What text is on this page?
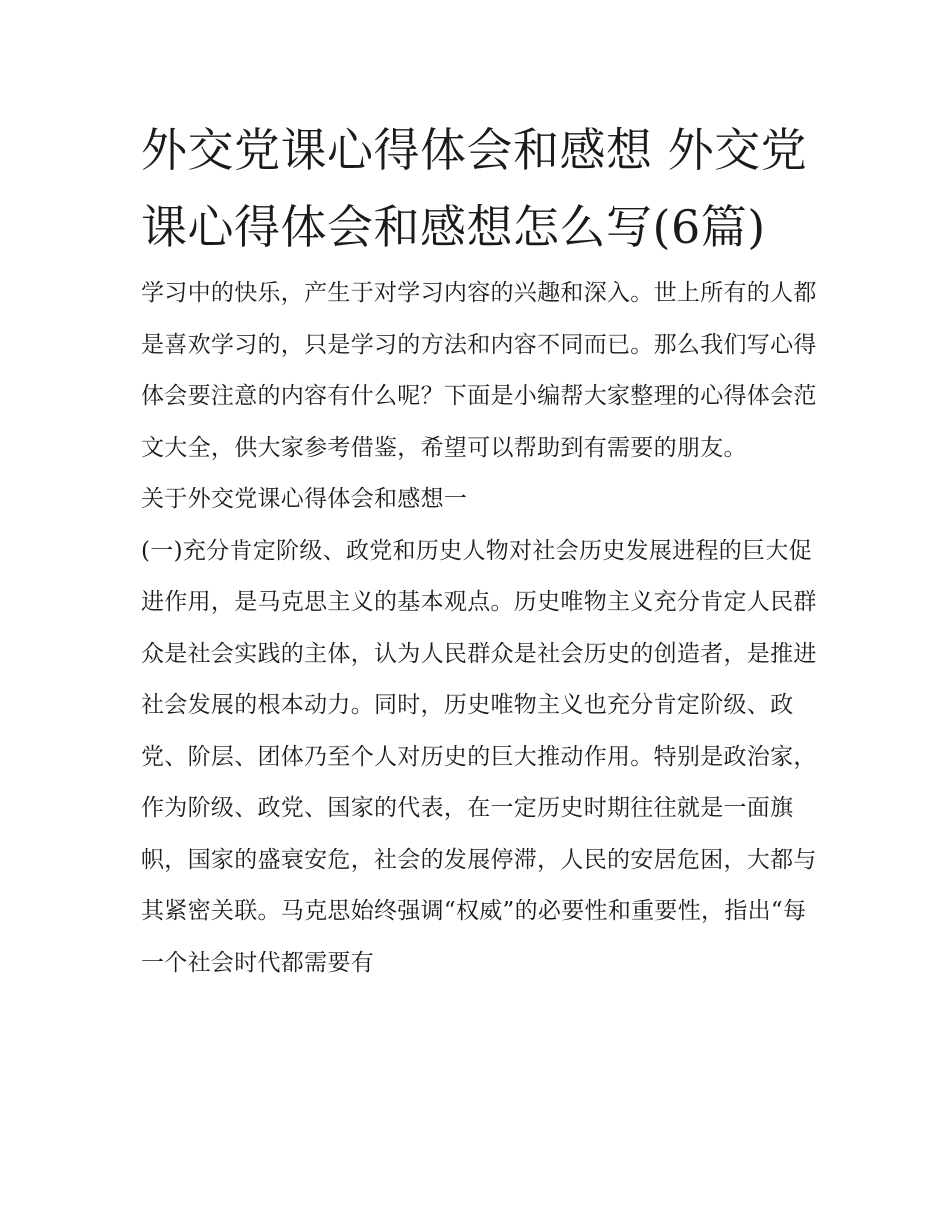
外交党课心得体会和感想 外交党课心得体会和感想怎么写(6篇)

学习中的快乐，产生于对学习内容的兴趣和深入。世上所有的人都是喜欢学习的，只是学习的方法和内容不同而已。那么我们写心得体会要注意的内容有什么呢？下面是小编帮大家整理的心得体会范文大全，供大家参考借鉴，希望可以帮助到有需要的朋友。

关于外交党课心得体会和感想一

(一)充分肯定阶级、政党和历史人物对社会历史发展进程的巨大促进作用，是马克思主义的基本观点。历史唯物主义充分肯定人民群众是社会实践的主体，认为人民群众是社会历史的创造者，是推进社会发展的根本动力。同时，历史唯物主义也充分肯定阶级、政党、阶层、团体乃至个人对历史的巨大推动作用。特别是政治家，作为阶级、政党、国家的代表，在一定历史时期往往就是一面旗帜，国家的盛衰安危，社会的发展停滞，人民的安居危困，大都与其紧密关联。马克思始终强调“权威”的必要性和重要性，指出“每一个社会时代都需要有
